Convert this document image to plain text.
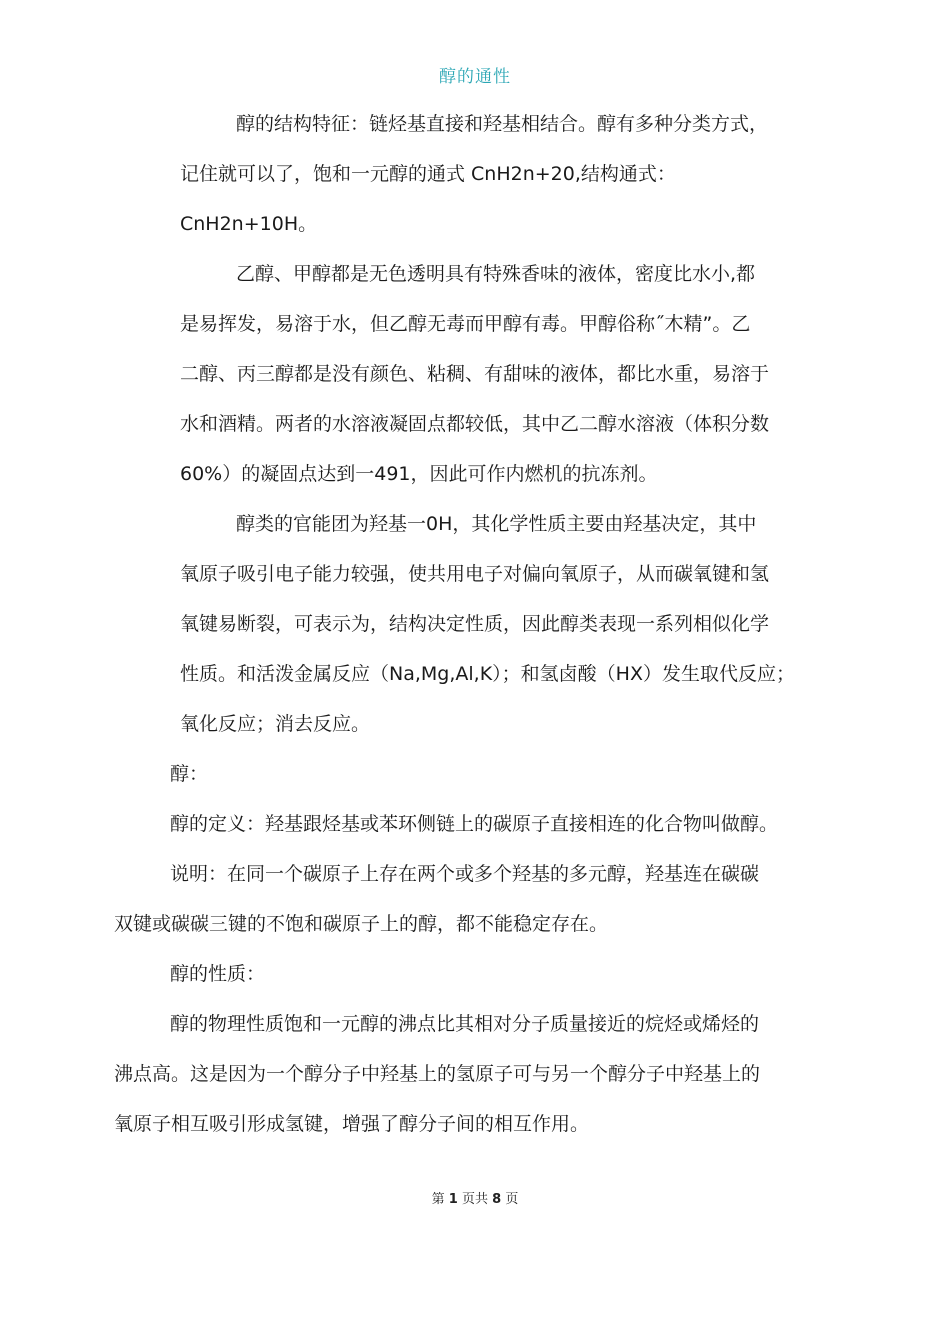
醇的通性
醇的结构特征：链烃基直接和羟基相结合。醇有多种分类方式，
记住就可以了，饱和一元醇的通式 CnH2n+20,结构通式：
CnH2n+10H。
乙醇、甲醇都是无色透明具有特殊香味的液体，密度比水小,都
是易挥发，易溶于水，但乙醇无毒而甲醇有毒。甲醇俗称˝木精”。乙
二醇、丙三醇都是没有颜色、粘稠、有甜味的液体，都比水重，易溶于
水和酒精。两者的水溶液凝固点都较低，其中乙二醇水溶液（体积分数
60%）的凝固点达到一491，因此可作内燃机的抗冻剂。
醇类的官能团为羟基一0H，其化学性质主要由羟基决定，其中
氧原子吸引电子能力较强，使共用电子对偏向氧原子，从而碳氧键和氢
氧键易断裂，可表示为，结构决定性质，因此醇类表现一系列相似化学
性质。和活泼金属反应（Na,Mg,Al,K）；和氢卤酸（HX）发生取代反应；
氧化反应；消去反应。
醇：
醇的定义：羟基跟烃基或苯环侧链上的碳原子直接相连的化合物叫做醇。
说明：在同一个碳原子上存在两个或多个羟基的多元醇，羟基连在碳碳
双键或碳碳三键的不饱和碳原子上的醇，都不能稳定存在。
醇的性质：
醇的物理性质饱和一元醇的沸点比其相对分子质量接近的烷烃或烯烃的
沸点高。这是因为一个醇分子中羟基上的氢原子可与另一个醇分子中羟基上的
氧原子相互吸引形成氢键，增强了醇分子间的相互作用。
第 1 页共 8 页
